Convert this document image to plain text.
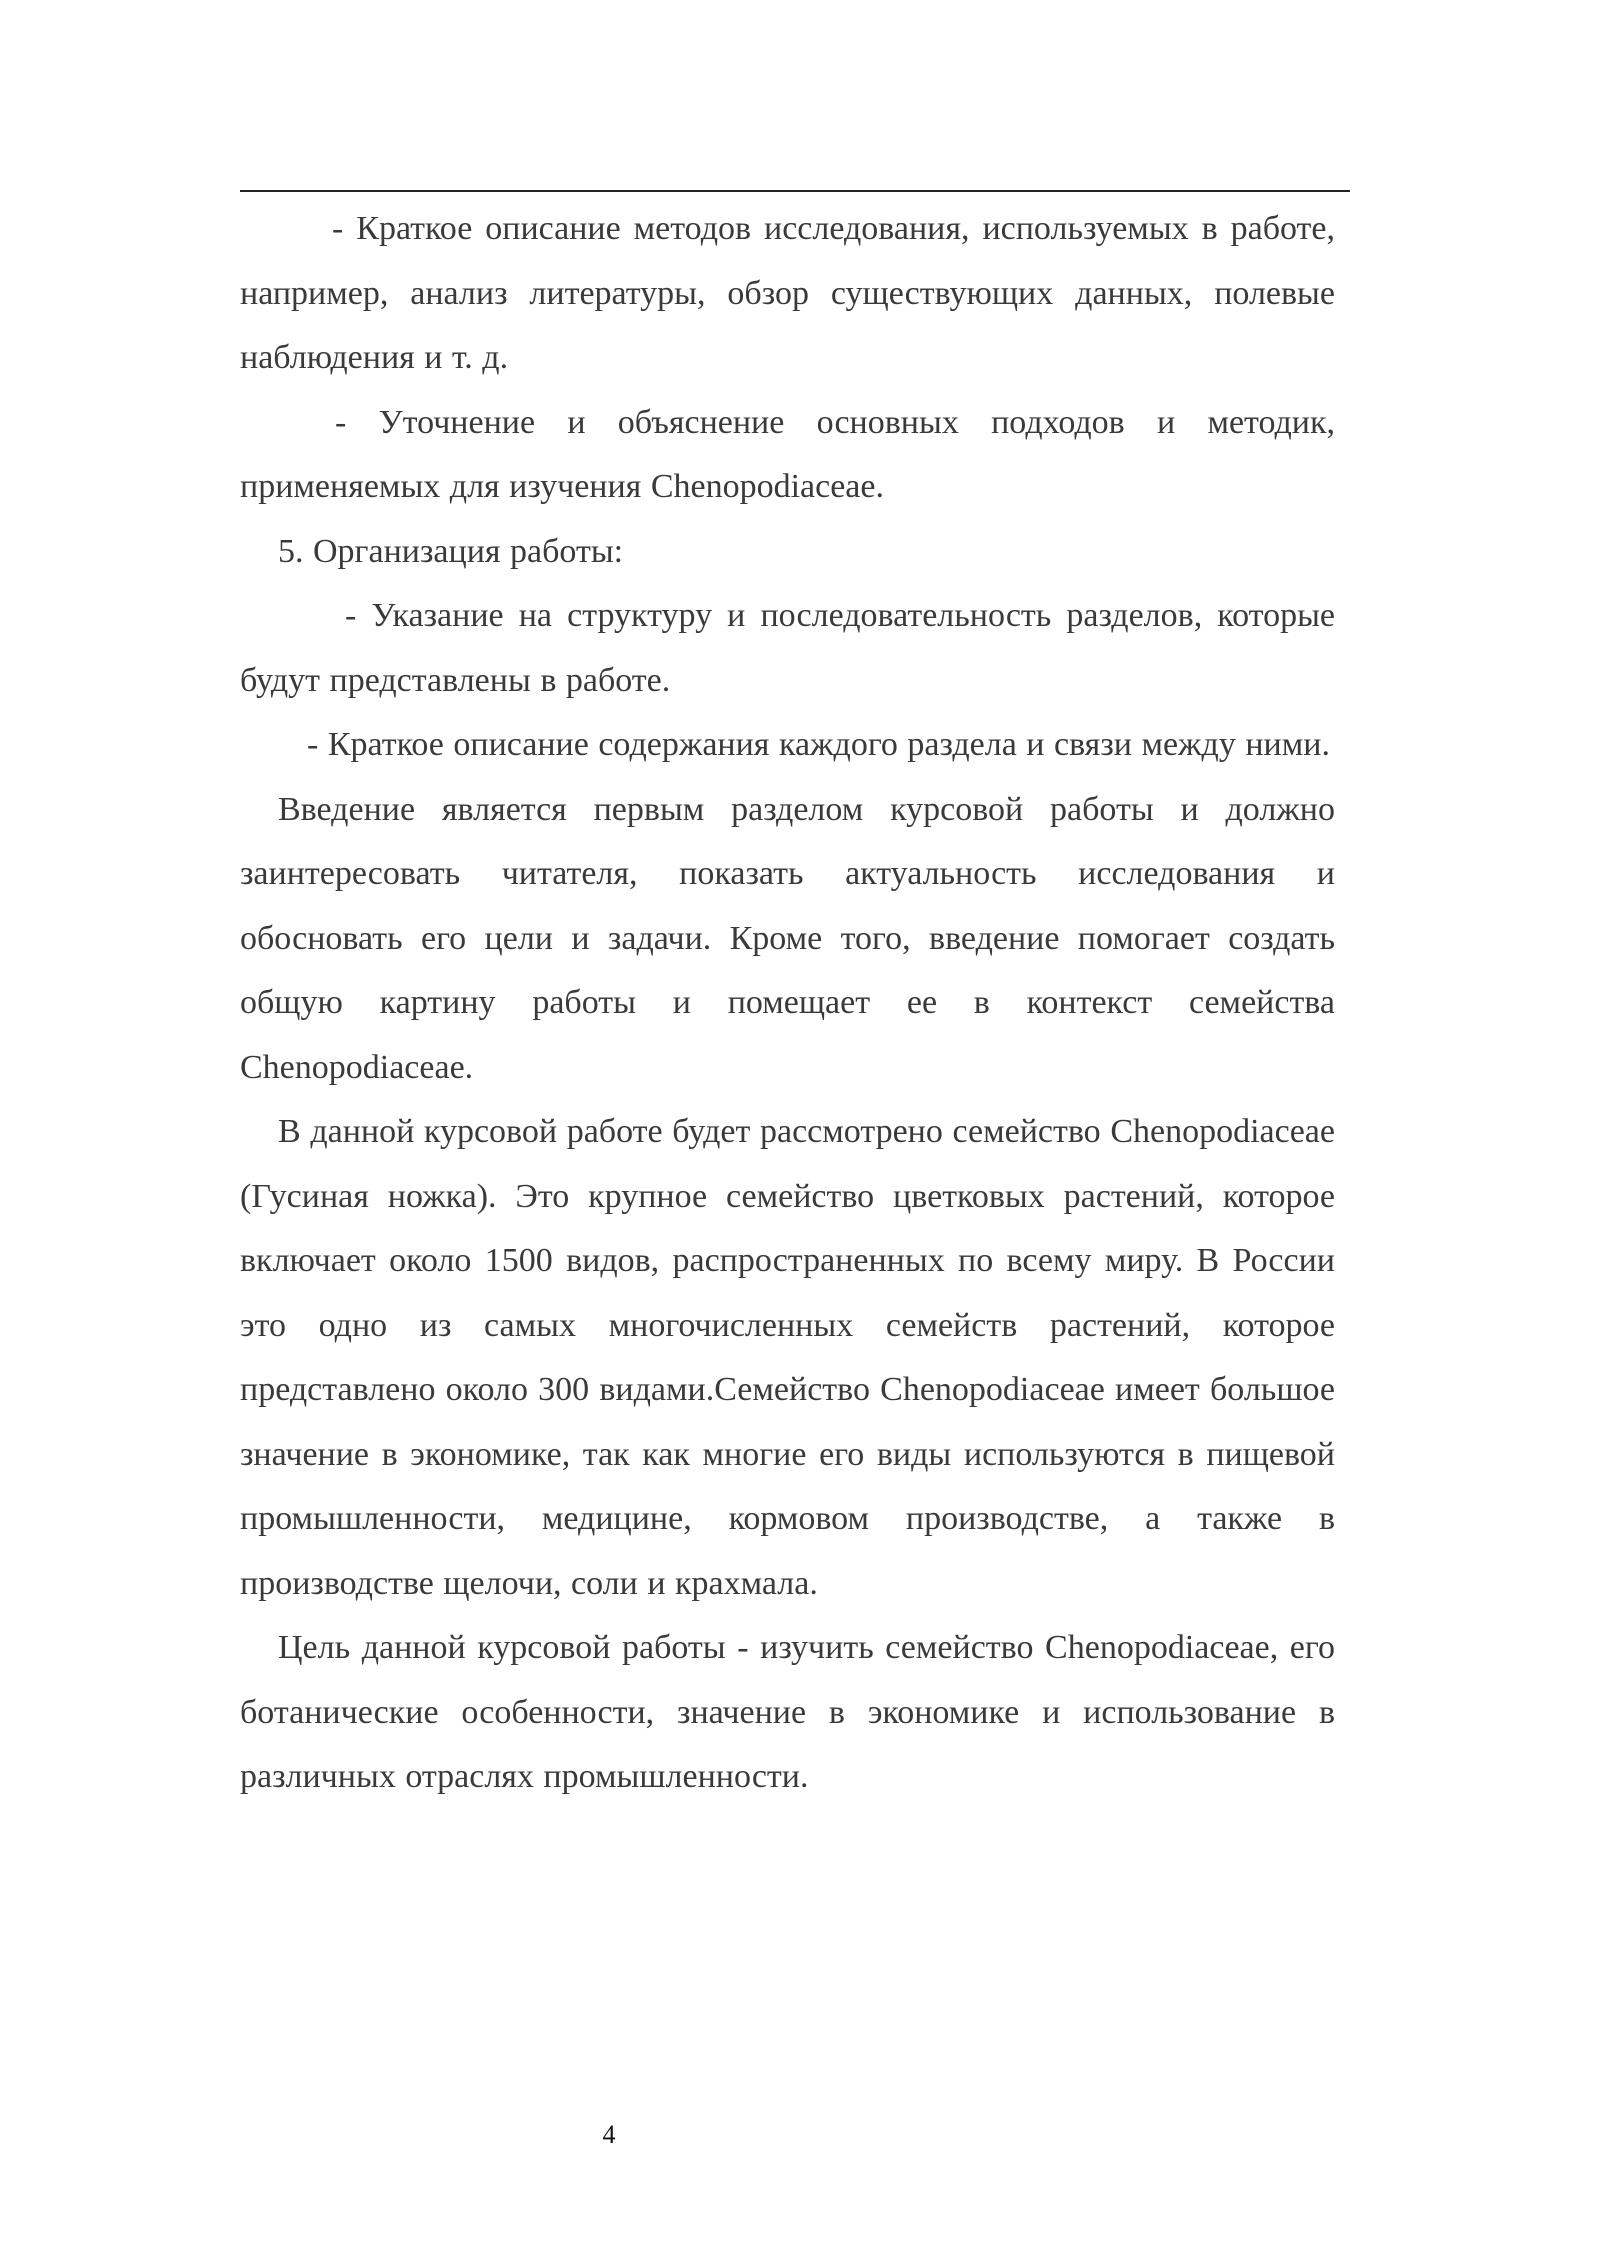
- Краткое описание методов исследования, используемых в работе, например, анализ литературы, обзор существующих данных, полевые наблюдения и т. д.

- Уточнение и объяснение основных подходов и методик, применяемых для изучения Chenopodiaceae.

5. Организация работы:

- Указание на структуру и последовательность разделов, которые будут представлены в работе.

- Краткое описание содержания каждого раздела и связи между ними.

Введение является первым разделом курсовой работы и должно заинтересовать читателя, показать актуальность исследования и обосновать его цели и задачи. Кроме того, введение помогает создать общую картину работы и помещает ее в контекст семейства Chenopodiaceae.

В данной курсовой работе будет рассмотрено семейство Chenopodiaceae (Гусиная ножка). Это крупное семейство цветковых растений, которое включает около 1500 видов, распространенных по всему миру. В России это одно из самых многочисленных семейств растений, которое представлено около 300 видами.Семейство Chenopodiaceae имеет большое значение в экономике, так как многие его виды используются в пищевой промышленности, медицине, кормовом производстве, а также в производстве щелочи, соли и крахмала.

Цель данной курсовой работы - изучить семейство Chenopodiaceae, его ботанические особенности, значение в экономике и использование в различных отраслях промышленности.

4
